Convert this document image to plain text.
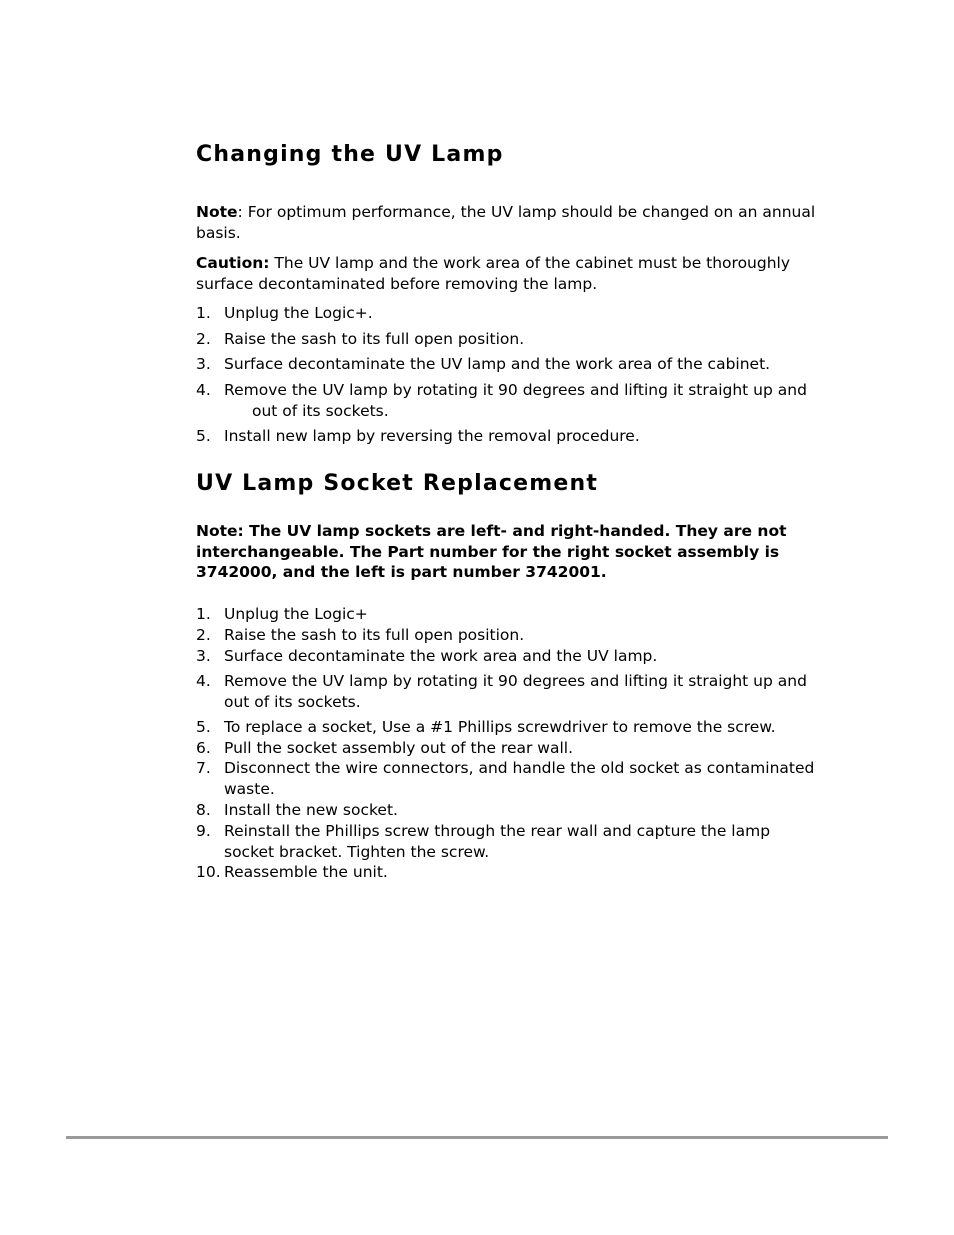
Changing the UV Lamp

Note: For optimum performance, the UV lamp should be changed on an annual basis.

Caution: The UV lamp and the work area of the cabinet must be thoroughly surface decontaminated before removing the lamp.

1. Unplug the Logic+.
2. Raise the sash to its full open position.
3. Surface decontaminate the UV lamp and the work area of the cabinet.
4. Remove the UV lamp by rotating it 90 degrees and lifting it straight up and
out of its sockets.
5. Install new lamp by reversing the removal procedure.
UV Lamp Socket Replacement

Note: The UV lamp sockets are left- and right-handed. They are not interchangeable. The Part number for the right socket assembly is 3742000, and the left is part number 3742001.

1. Unplug the Logic+
2. Raise the sash to its full open position.
3. Surface decontaminate the work area and the UV lamp.
4. Remove the UV lamp by rotating it 90 degrees and lifting it straight up and out of its sockets.
5. To replace a socket, Use a #1 Phillips screwdriver to remove the screw.
6. Pull the socket assembly out of the rear wall.
7. Disconnect the wire connectors, and handle the old socket as contaminated waste.
8. Install the new socket.
9. Reinstall the Phillips screw through the rear wall and capture the lamp socket bracket. Tighten the screw.
10. Reassemble the unit.
